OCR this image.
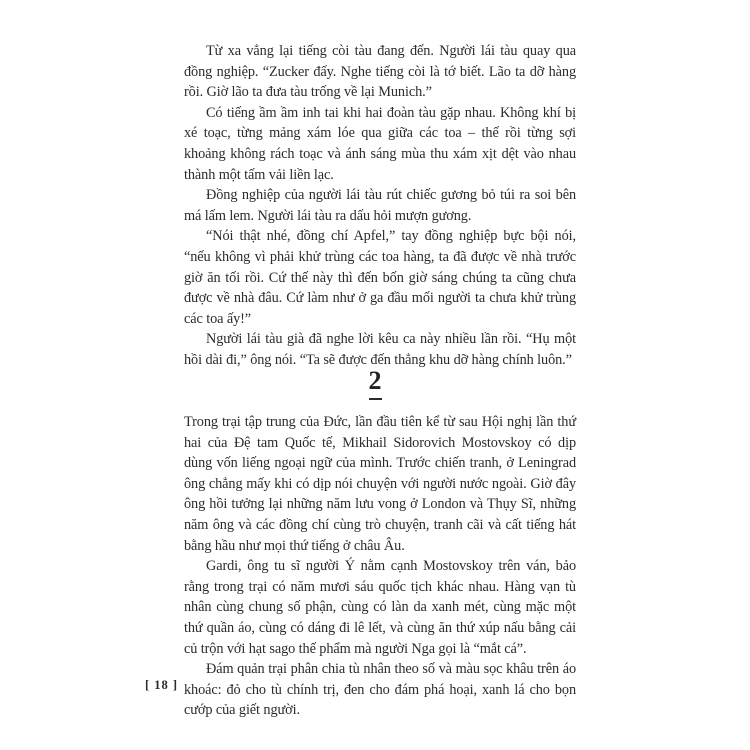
Từ xa vẳng lại tiếng còi tàu đang đến. Người lái tàu quay qua đồng nghiệp. “Zucker đấy. Nghe tiếng còi là tớ biết. Lão ta dỡ hàng rồi. Giờ lão ta đưa tàu trống về lại Munich.”

Có tiếng ầm ầm inh tai khi hai đoàn tàu gặp nhau. Không khí bị xé toạc, từng mảng xám lóe qua giữa các toa – thế rồi từng sợi khoảng không rách toạc và ánh sáng mùa thu xám xịt dệt vào nhau thành một tấm vải liền lạc.

Đồng nghiệp của người lái tàu rút chiếc gương bỏ túi ra soi bên má lấm lem. Người lái tàu ra dấu hỏi mượn gương.

“Nói thật nhé, đồng chí Apfel,” tay đồng nghiệp bực bội nói, “nếu không vì phải khử trùng các toa hàng, ta đã được về nhà trước giờ ăn tối rồi. Cứ thế này thì đến bốn giờ sáng chúng ta cũng chưa được về nhà đâu. Cứ làm như ở ga đầu mối người ta chưa khử trùng các toa ấy!”

Người lái tàu già đã nghe lời kêu ca này nhiều lần rồi. “Hụ một hồi dài đi,” ông nói. “Ta sẽ được đến thẳng khu dỡ hàng chính luôn.”

2

Trong trại tập trung của Đức, lần đầu tiên kể từ sau Hội nghị lần thứ hai của Đệ tam Quốc tế, Mikhail Sidorovich Mostovskoy có dịp dùng vốn liếng ngoại ngữ của mình. Trước chiến tranh, ở Leningrad ông chẳng mấy khi có dịp nói chuyện với người nước ngoài. Giờ đây ông hồi tưởng lại những năm lưu vong ở London và Thụy Sĩ, những năm ông và các đồng chí cùng trò chuyện, tranh cãi và cất tiếng hát bằng hầu như mọi thứ tiếng ở châu Âu.

Gardi, ông tu sĩ người Ý nằm cạnh Mostovskoy trên ván, bảo rằng trong trại có năm mươi sáu quốc tịch khác nhau. Hàng vạn tù nhân cùng chung số phận, cùng có làn da xanh mét, cùng mặc một thứ quần áo, cùng có dáng đi lê lết, và cùng ăn thứ xúp nấu bằng cải củ trộn với hạt sago thế phẩm mà người Nga gọi là “mắt cá”.

Đám quản trại phân chia tù nhân theo số và màu sọc khâu trên áo khoác: đỏ cho tù chính trị, đen cho đám phá hoại, xanh lá cho bọn cướp của giết người.

[ 18 ]
